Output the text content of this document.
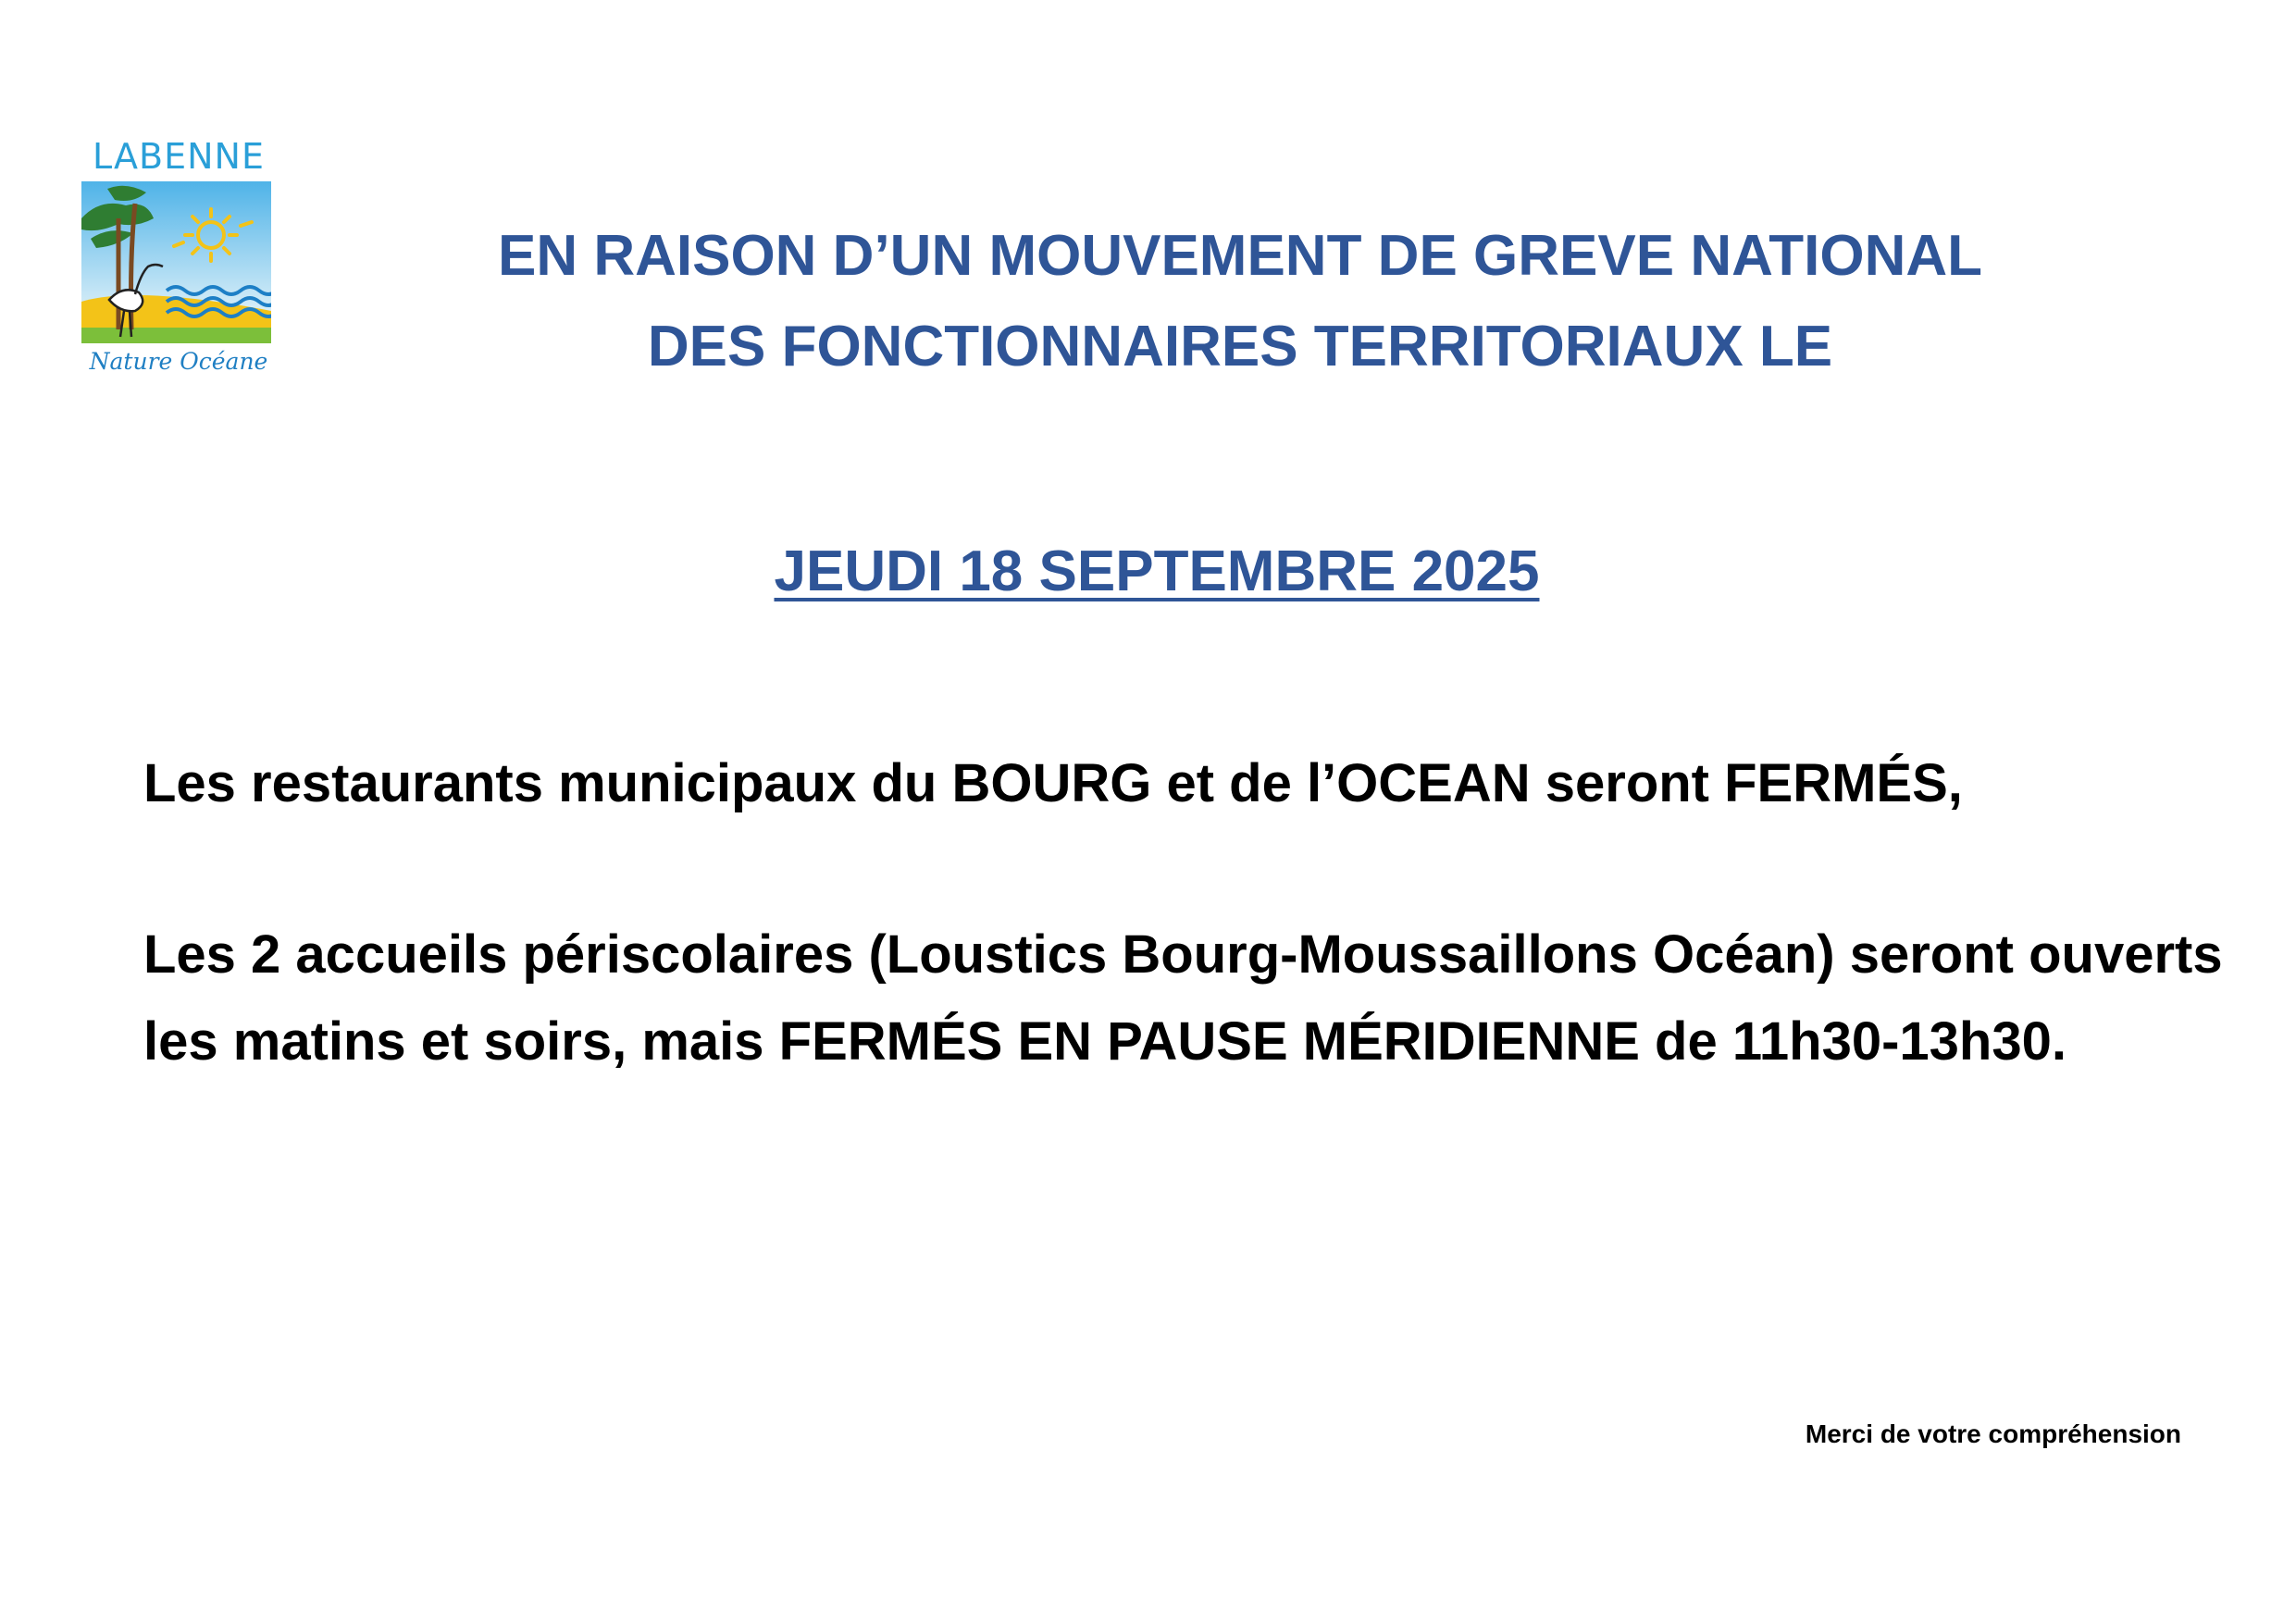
LABENNE
Nature Océane
EN RAISON D’UN MOUVEMENT DE GREVE NATIONAL
DES FONCTIONNAIRES TERRITORIAUX LE
JEUDI 18 SEPTEMBRE 2025
Les restaurants municipaux du BOURG et de l’OCEAN seront FERMÉS,
Les 2 accueils périscolaires (Loustics Bourg-Moussaillons Océan) seront ouverts les matins et soirs, mais FERMÉS EN PAUSE MÉRIDIENNE de 11h30-13h30.
Merci de votre compréhension
